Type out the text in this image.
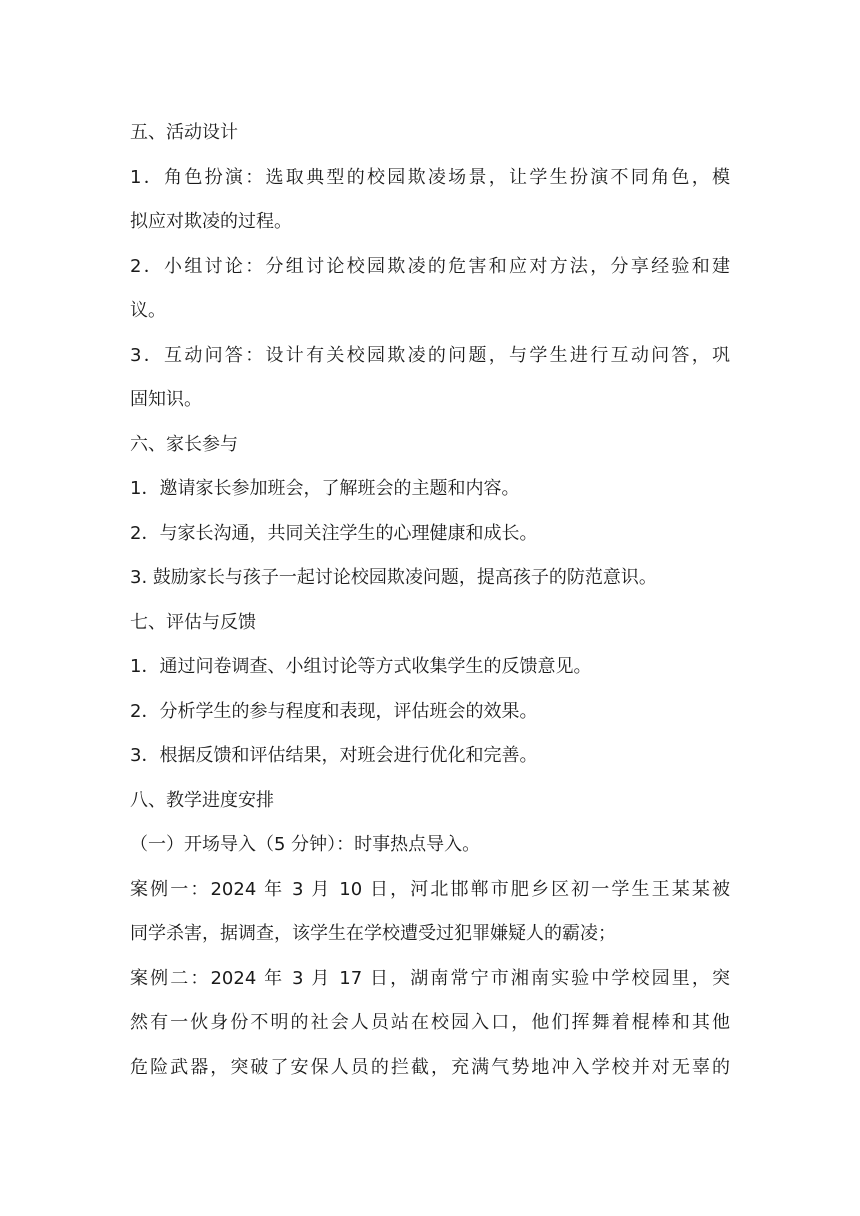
五、活动设计

1．角色扮演：选取典型的校园欺凌场景，让学生扮演不同角色，模

拟应对欺凌的过程。

2．小组讨论：分组讨论校园欺凌的危害和应对方法，分享经验和建

议。

3．互动问答：设计有关校园欺凌的问题，与学生进行互动问答，巩

固知识。

六、家长参与

1．邀请家长参加班会，了解班会的主题和内容。

2．与家长沟通，共同关注学生的心理健康和成长。

3. 鼓励家长与孩子一起讨论校园欺凌问题，提高孩子的防范意识。

七、评估与反馈

1．通过问卷调查、小组讨论等方式收集学生的反馈意见。

2．分析学生的参与程度和表现，评估班会的效果。

3．根据反馈和评估结果，对班会进行优化和完善。

八、教学进度安排

（一）开场导入（5 分钟）：时事热点导入。

案例一：2024 年 3 月 10 日，河北邯郸市肥乡区初一学生王某某被

同学杀害，据调查，该学生在学校遭受过犯罪嫌疑人的霸凌；

案例二：2024 年 3 月 17 日，湖南常宁市湘南实验中学校园里，突

然有一伙身份不明的社会人员站在校园入口，他们挥舞着棍棒和其他

危险武器，突破了安保人员的拦截，充满气势地冲入学校并对无辜的
